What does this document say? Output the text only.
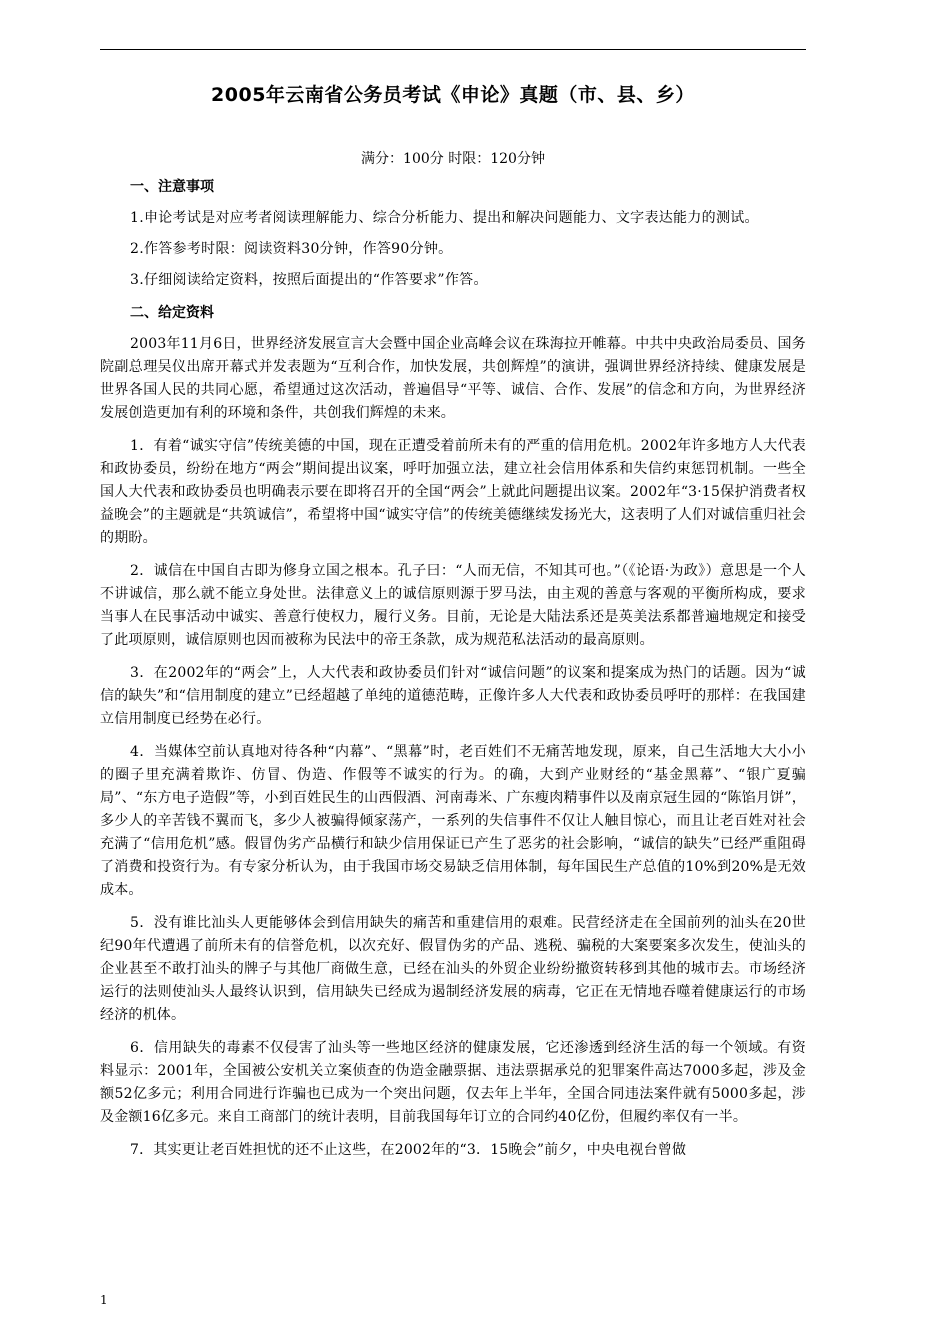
2005年云南省公务员考试《申论》真题（市、县、乡）

满分：100分 时限：120分钟

一、注意事项

1.申论考试是对应考者阅读理解能力、综合分析能力、提出和解决问题能力、文字表达能力的测试。

2.作答参考时限：阅读资料30分钟，作答90分钟。

3.仔细阅读给定资料，按照后面提出的“作答要求”作答。

二、给定资料

2003年11月6日，世界经济发展宣言大会暨中国企业高峰会议在珠海拉开帷幕。中共中央政治局委员、国务院副总理吴仪出席开幕式并发表题为“互利合作，加快发展，共创辉煌”的演讲，强调世界经济持续、健康发展是世界各国人民的共同心愿，希望通过这次活动，普遍倡导“平等、诚信、合作、发展”的信念和方向，为世界经济发展创造更加有利的环境和条件，共创我们辉煌的未来。

1．有着“诚实守信”传统美德的中国，现在正遭受着前所未有的严重的信用危机。2002年许多地方人大代表和政协委员，纷纷在地方“两会”期间提出议案，呼吁加强立法，建立社会信用体系和失信约束惩罚机制。一些全国人大代表和政协委员也明确表示要在即将召开的全国“两会”上就此问题提出议案。2002年“3·15保护消费者权益晚会”的主题就是“共筑诚信”，希望将中国“诚实守信”的传统美德继续发扬光大，这表明了人们对诚信重归社会的期盼。

2．诚信在中国自古即为修身立国之根本。孔子曰：“人而无信，不知其可也。”（《论语·为政》）意思是一个人不讲诚信，那么就不能立身处世。法律意义上的诚信原则源于罗马法，由主观的善意与客观的平衡所构成，要求当事人在民事活动中诚实、善意行使权力，履行义务。目前，无论是大陆法系还是英美法系都普遍地规定和接受了此项原则，诚信原则也因而被称为民法中的帝王条款，成为规范私法活动的最高原则。

3．在2002年的“两会”上，人大代表和政协委员们针对“诚信问题”的议案和提案成为热门的话题。因为“诚信的缺失”和“信用制度的建立”已经超越了单纯的道德范畴，正像许多人大代表和政协委员呼吁的那样：在我国建立信用制度已经势在必行。

4．当媒体空前认真地对待各种“内幕”、“黑幕”时，老百姓们不无痛苦地发现，原来，自己生活地大大小小的圈子里充满着欺诈、仿冒、伪造、作假等不诚实的行为。的确，大到产业财经的“基金黑幕”、“银广夏骗局”、“东方电子造假”等，小到百姓民生的山西假酒、河南毒米、广东瘦肉精事件以及南京冠生园的“陈馅月饼”，多少人的辛苦钱不翼而飞，多少人被骗得倾家荡产，一系列的失信事件不仅让人触目惊心，而且让老百姓对社会充满了“信用危机”感。假冒伪劣产品横行和缺少信用保证已产生了恶劣的社会影响，“诚信的缺失”已经严重阻碍了消费和投资行为。有专家分析认为，由于我国市场交易缺乏信用体制，每年国民生产总值的10%到20%是无效成本。

5．没有谁比汕头人更能够体会到信用缺失的痛苦和重建信用的艰难。民营经济走在全国前列的汕头在20世纪90年代遭遇了前所未有的信誉危机，以次充好、假冒伪劣的产品、逃税、骗税的大案要案多次发生，使汕头的企业甚至不敢打汕头的牌子与其他厂商做生意，已经在汕头的外贸企业纷纷撤资转移到其他的城市去。市场经济运行的法则使汕头人最终认识到，信用缺失已经成为遏制经济发展的病毒，它正在无情地吞噬着健康运行的市场经济的机体。

6．信用缺失的毒素不仅侵害了汕头等一些地区经济的健康发展，它还渗透到经济生活的每一个领域。有资料显示：2001年，全国被公安机关立案侦查的伪造金融票据、违法票据承兑的犯罪案件高达7000多起，涉及金额52亿多元；利用合同进行诈骗也已成为一个突出问题，仅去年上半年，全国合同违法案件就有5000多起，涉及金额16亿多元。来自工商部门的统计表明，目前我国每年订立的合同约40亿份，但履约率仅有一半。

7．其实更让老百姓担忧的还不止这些，在2002年的“3．15晚会”前夕，中央电视台曾做

1
